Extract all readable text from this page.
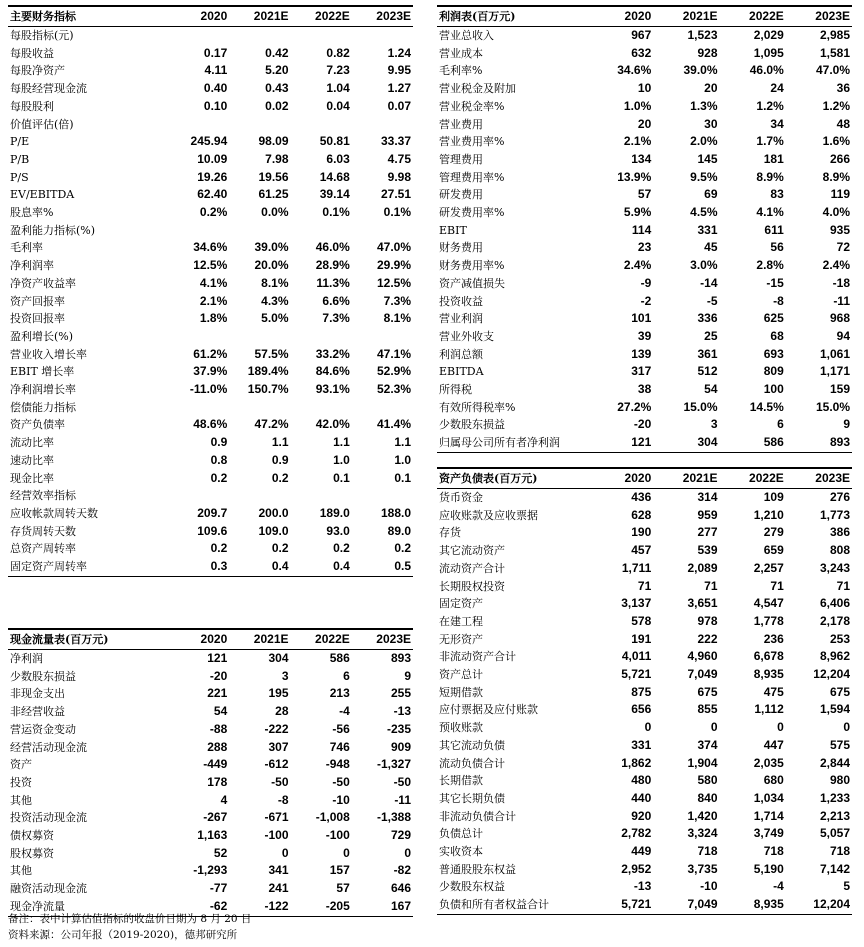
主要财务指标	2020	2021E	2022E	2023E
每股指标(元)				
每股收益	0.17	0.42	0.82	1.24
每股净资产	4.11	5.20	7.23	9.95
每股经营现金流	0.40	0.43	1.04	1.27
每股股利	0.10	0.02	0.04	0.07
价值评估(倍)				
P/E	245.94	98.09	50.81	33.37
P/B	10.09	7.98	6.03	4.75
P/S	19.26	19.56	14.68	9.98
EV/EBITDA	62.40	61.25	39.14	27.51
股息率%	0.2%	0.0%	0.1%	0.1%
盈利能力指标(%)				
毛利率	34.6%	39.0%	46.0%	47.0%
净利润率	12.5%	20.0%	28.9%	29.9%
净资产收益率	4.1%	8.1%	11.3%	12.5%
资产回报率	2.1%	4.3%	6.6%	7.3%
投资回报率	1.8%	5.0%	7.3%	8.1%
盈利增长(%)				
营业收入增长率	61.2%	57.5%	33.2%	47.1%
EBIT 增长率	37.9%	189.4%	84.6%	52.9%
净利润增长率	-11.0%	150.7%	93.1%	52.3%
偿债能力指标				
资产负债率	48.6%	47.2%	42.0%	41.4%
流动比率	0.9	1.1	1.1	1.1
速动比率	0.8	0.9	1.0	1.0
现金比率	0.2	0.2	0.1	0.1
经营效率指标				
应收帐款周转天数	209.7	200.0	189.0	188.0
存货周转天数	109.6	109.0	93.0	89.0
总资产周转率	0.2	0.2	0.2	0.2
固定资产周转率	0.3	0.4	0.4	0.5
现金流量表(百万元)	2020	2021E	2022E	2023E
净利润	121	304	586	893
少数股东损益	-20	3	6	9
非现金支出	221	195	213	255
非经营收益	54	28	-4	-13
营运资金变动	-88	-222	-56	-235
经营活动现金流	288	307	746	909
资产	-449	-612	-948	-1,327
投资	178	-50	-50	-50
其他	4	-8	-10	-11
投资活动现金流	-267	-671	-1,008	-1,388
债权募资	1,163	-100	-100	729
股权募资	52	0	0	0
其他	-1,293	341	157	-82
融资活动现金流	-77	241	57	646
现金净流量	-62	-122	-205	167
利润表(百万元)	2020	2021E	2022E	2023E
营业总收入	967	1,523	2,029	2,985
营业成本	632	928	1,095	1,581
毛利率%	34.6%	39.0%	46.0%	47.0%
营业税金及附加	10	20	24	36
营业税金率%	1.0%	1.3%	1.2%	1.2%
营业费用	20	30	34	48
营业费用率%	2.1%	2.0%	1.7%	1.6%
管理费用	134	145	181	266
管理费用率%	13.9%	9.5%	8.9%	8.9%
研发费用	57	69	83	119
研发费用率%	5.9%	4.5%	4.1%	4.0%
EBIT	114	331	611	935
财务费用	23	45	56	72
财务费用率%	2.4%	3.0%	2.8%	2.4%
资产减值损失	-9	-14	-15	-18
投资收益	-2	-5	-8	-11
营业利润	101	336	625	968
营业外收支	39	25	68	94
利润总额	139	361	693	1,061
EBITDA	317	512	809	1,171
所得税	38	54	100	159
有效所得税率%	27.2%	15.0%	14.5%	15.0%
少数股东损益	-20	3	6	9
归属母公司所有者净利润	121	304	586	893
资产负债表(百万元)	2020	2021E	2022E	2023E
货币资金	436	314	109	276
应收账款及应收票据	628	959	1,210	1,773
存货	190	277	279	386
其它流动资产	457	539	659	808
流动资产合计	1,711	2,089	2,257	3,243
长期股权投资	71	71	71	71
固定资产	3,137	3,651	4,547	6,406
在建工程	578	978	1,778	2,178
无形资产	191	222	236	253
非流动资产合计	4,011	4,960	6,678	8,962
资产总计	5,721	7,049	8,935	12,204
短期借款	875	675	475	675
应付票据及应付账款	656	855	1,112	1,594
预收账款	0	0	0	0
其它流动负债	331	374	447	575
流动负债合计	1,862	1,904	2,035	2,844
长期借款	480	580	680	980
其它长期负债	440	840	1,034	1,233
非流动负债合计	920	1,420	1,714	2,213
负债总计	2,782	3,324	3,749	5,057
实收资本	449	718	718	718
普通股股东权益	2,952	3,735	5,190	7,142
少数股东权益	-13	-10	-4	5
负债和所有者权益合计	5,721	7,049	8,935	12,204
备注：表中计算估值指标的收盘价日期为 8 月 20 日
资料来源：公司年报（2019-2020)，德邦研究所
